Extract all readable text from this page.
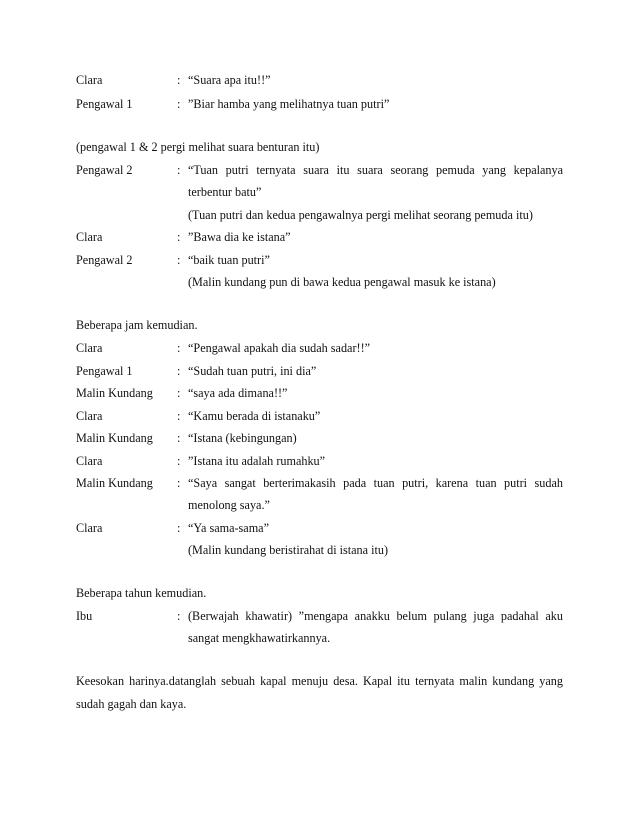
Clara	: “Suara apa itu!!”
Pengawal 1	: ”Biar hamba yang melihatnya tuan putri”
(pengawal 1 & 2 pergi melihat suara benturan itu)
Pengawal 2	: “Tuan putri ternyata suara itu suara seorang pemuda yang kepalanya
terbentur batu”
(Tuan putri dan kedua pengawalnya pergi melihat seorang pemuda itu)
Clara	: ”Bawa dia ke istana”
Pengawal 2	: “baik tuan putri”
(Malin kundang pun di bawa kedua pengawal masuk ke istana)
Beberapa jam kemudian.
Clara	: “Pengawal apakah dia sudah sadar!!”
Pengawal 1	: “Sudah tuan putri, ini dia”
Malin Kundang : “saya ada dimana!!”
Clara	: “Kamu berada di istanaku”
Malin Kundang : “Istana (kebingungan)
Clara	: ”Istana itu adalah rumahku”
Malin Kundang : “Saya sangat berterimakasih pada tuan putri, karena tuan putri sudah
menolong saya.”
Clara	: “Ya sama-sama”
(Malin kundang beristirahat di istana itu)
Beberapa tahun kemudian.
Ibu	: (Berwajah khawatir) ”mengapa anakku belum pulang juga padahal aku
sangat mengkhawatirkannya.
Keesokan harinya.datanglah sebuah kapal menuju desa. Kapal itu ternyata malin kundang yang
sudah gagah dan kaya.
